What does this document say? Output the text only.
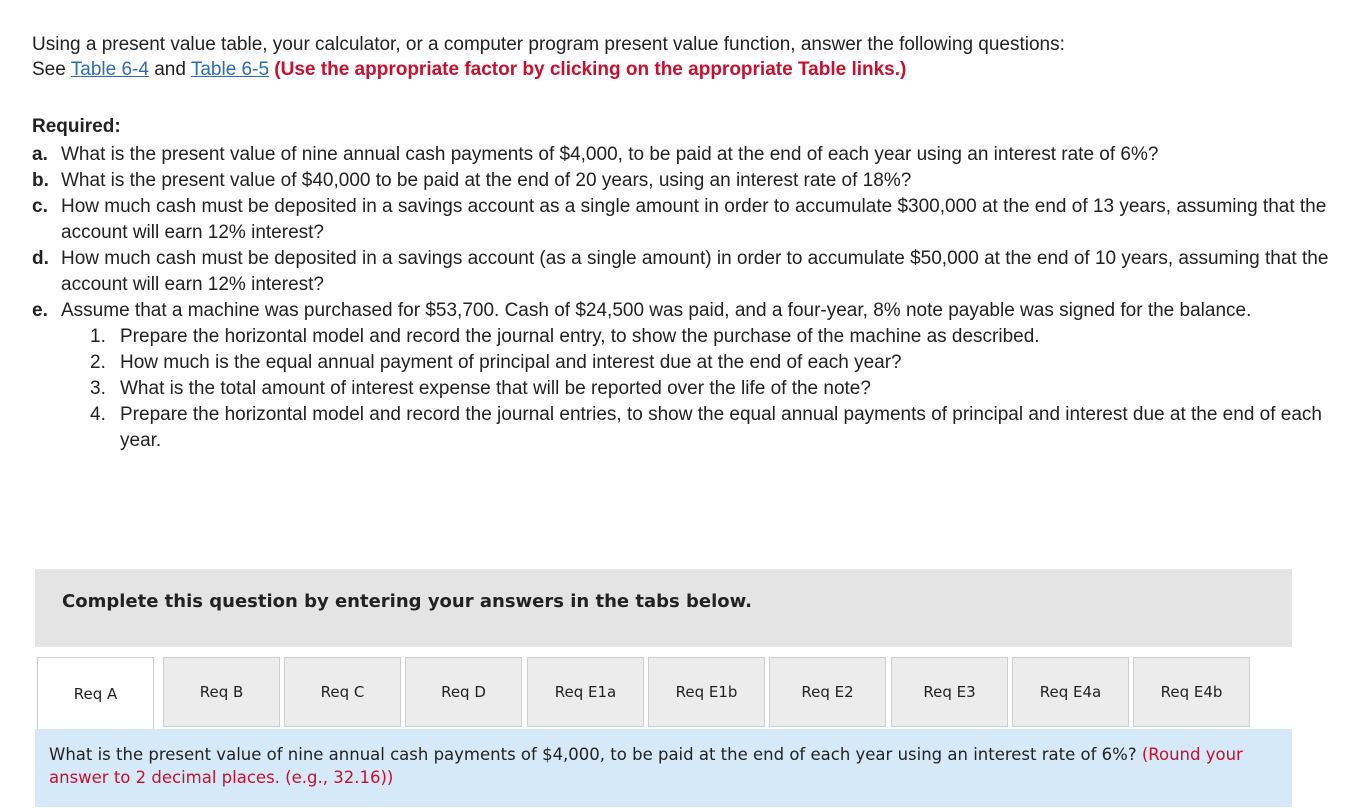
Using a present value table, your calculator, or a computer program present value function, answer the following questions:

See Table 6-4 and Table 6-5 (Use the appropriate factor by clicking on the appropriate Table links.)

Required:

a. What is the present value of nine annual cash payments of $4,000, to be paid at the end of each year using an interest rate of 6%?

b. What is the present value of $40,000 to be paid at the end of 20 years, using an interest rate of 18%?

c. How much cash must be deposited in a savings account as a single amount in order to accumulate $300,000 at the end of 13 years, assuming that the account will earn 12% interest?

d. How much cash must be deposited in a savings account (as a single amount) in order to accumulate $50,000 at the end of 10 years, assuming that the account will earn 12% interest?

e. Assume that a machine was purchased for $53,700. Cash of $24,500 was paid, and a four-year, 8% note payable was signed for the balance.

1. Prepare the horizontal model and record the journal entry, to show the purchase of the machine as described.

2. How much is the equal annual payment of principal and interest due at the end of each year?

3. What is the total amount of interest expense that will be reported over the life of the note?

4. Prepare the horizontal model and record the journal entries, to show the equal annual payments of principal and interest due at the end of each year.

Complete this question by entering your answers in the tabs below.
Req A	Req B	Req C	Req D	Req E1a	Req E1b	Req E2	Req E3	Req E4a	Req E4b
What is the present value of nine annual cash payments of $4,000, to be paid at the end of each year using an interest rate of 6%? (Round your answer to 2 decimal places. (e.g., 32.16))
